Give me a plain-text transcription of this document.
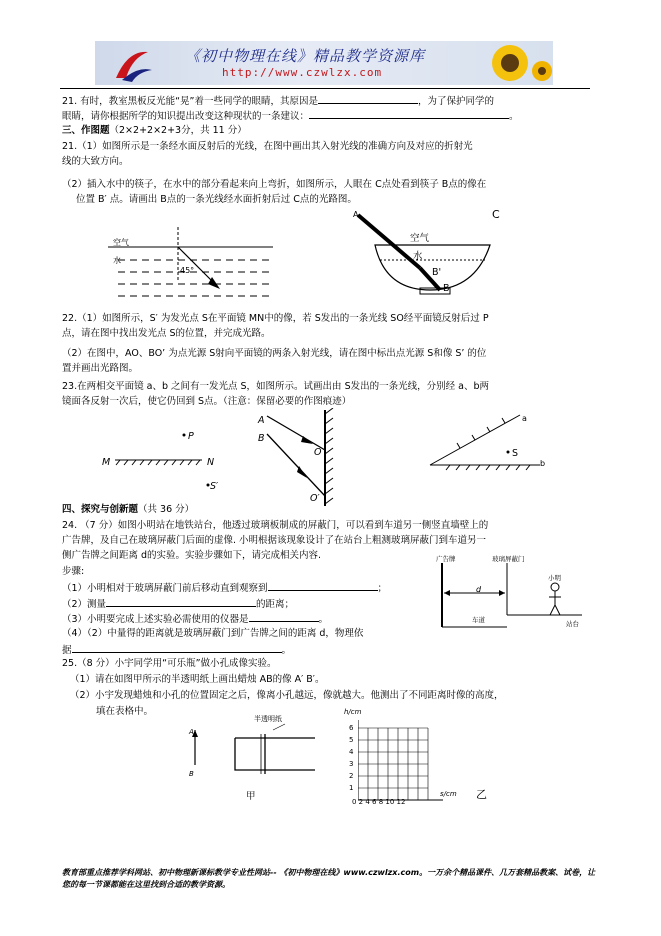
《初中物理在线》精品教学资源库
http://www.czwlzx.com
21. 有时，教室黑板反光能“晃”着一些同学的眼睛，其原因是	，为了保护同学的
眼睛，请你根据所学的知识提出改变这种现状的一条建议：	。
三、作图题（2×2+2×2+3分，共 11 分）
21.（1）如图所示是一条经水面反射后的光线，在图中画出其入射光线的准确方向及对应的折射光
线的大致方向。
（2）插入水中的筷子，在水中的部分看起来向上弯折，如图所示，人眼在 C点处看到筷子 B点的像在
位置 B′ 点。请画出 B点的一条光线经水面折射后过 C点的光路图。
空气
水
45°
A
空气
水
B'
B
C
22.（1）如图所示，S′ 为发光点 S在平面镜 MN中的像，若 S发出的一条光线 SO经平面镜反射后过 P
点，请在图中找出发光点 S的位置，并完成光路。
（2）在图中，AO、BO’ 为点光源 S射向平面镜的两条入射光线，请在图中标出点光源 S和像 S’ 的位
置并画出光路图。
23.在两相交平面镜 a、b 之间有一发光点 S，如图所示。试画出由 S发出的一条光线，分别经 a、b两
镜面各反射一次后，使它仍回到 S点。（注意：保留必要的作图痕迹）
P
M	N
S′
A
B
O
O′
a
S
b
四、探究与创新题（共 36 分）
24. （7 分）如图小明站在地铁站台，他透过玻璃板制成的屏蔽门，可以看到车道另一侧竖直墙壁上的
广告牌，及自己在玻璃屏蔽门后面的虚像. 小明根据该现象设计了在站台上粗测玻璃屏蔽门到车道另一
侧广告牌之间距离 d的实验。实验步骤如下，请完成相关内容.
步骤:
（1）小明相对于玻璃屏蔽门前后移动直到观察到	；
（2）测量	的距离；
（3）小明要完成上述实验必需使用的仪器是	。
（4）（2）中量得的距离就是玻璃屏蔽门到广告牌之间的距离 d，物理依
据	。
广告牌	玻璃屏蔽门
小明
d
车道	站台
25.（8 分）小宇同学用“可乐瓶”做小孔成像实验。
（1）请在如图甲所示的半透明纸上画出蜡烛 AB的像 A′ B′。
（2）小宇发现蜡烛和小孔的位置固定之后，像离小孔越远，像就越大。他测出了不同距离时像的高度，
填在表格中。
半透明纸
A
B
甲
h/cm
s/cm
6
5
4
3
2
1
0 2 4 6 8 10 12
乙
教育部重点推荐学科网站、初中物理新课标教学专业性网站-- 《初中物理在线》www.czwlzx.com。一万余个精品课件、几万套精品教案、试卷，让您的每一节课都能在这里找到合适的教学资源。
